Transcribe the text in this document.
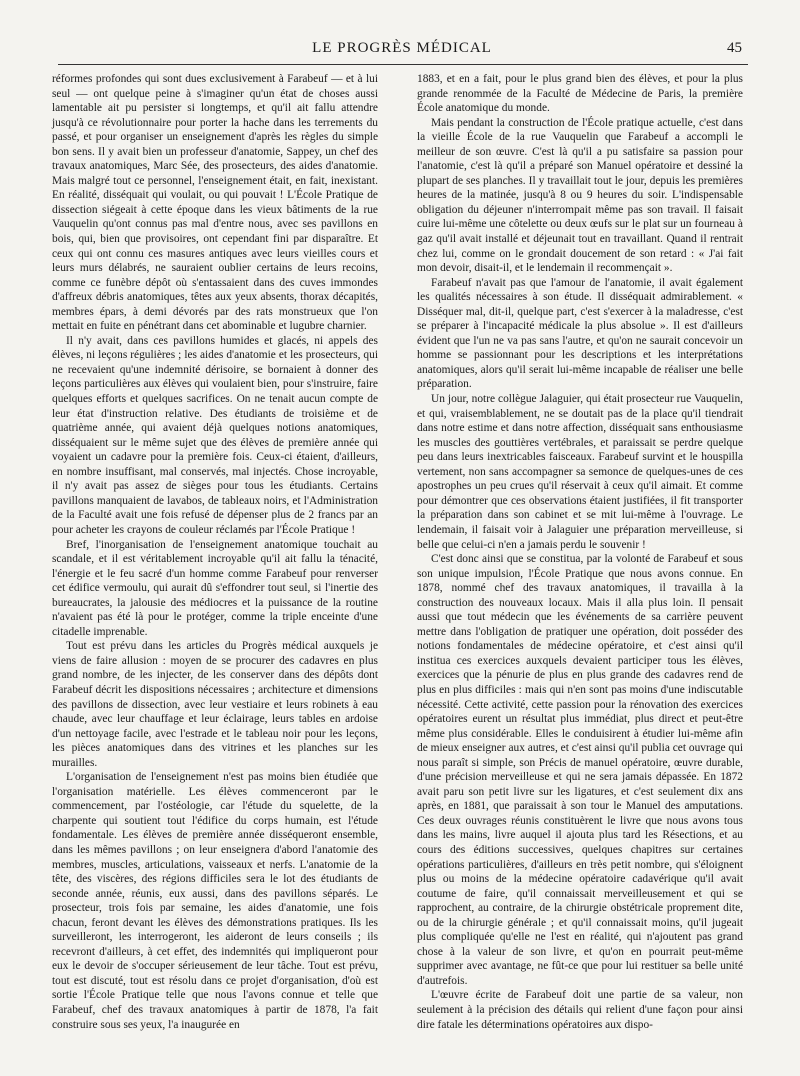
LE PROGRÈS MÉDICAL	45

réformes profondes qui sont dues exclusivement à Farabeuf — et à lui seul — ont quelque peine à s'imaginer qu'un état de choses aussi lamentable ait pu persister si longtemps, et qu'il ait fallu attendre jusqu'à ce révolutionnaire pour porter la hache dans les terrements du passé, et pour organiser un enseignement d'après les règles du simple bon sens. Il y avait bien un professeur d'anatomie, Sappey, un chef des travaux anatomiques, Marc Sée, des prosecteurs, des aides d'anatomie. Mais malgré tout ce personnel, l'enseignement était, en fait, inexistant. En réalité, disséquait qui voulait, ou qui pouvait ! L'École Pratique de dissection siégeait à cette époque dans les vieux bâtiments de la rue Vauquelin qu'ont connus pas mal d'entre nous, avec ses pavillons en bois, qui, bien que provisoires, ont cependant fini par disparaître. Et ceux qui ont connu ces masures antiques avec leurs vieilles cours et leurs murs délabrés, ne sauraient oublier certains de leurs recoins, comme ce funèbre dépôt où s'entassaient dans des cuves immondes d'affreux débris anatomiques, têtes aux yeux absents, thorax décapités, membres épars, à demi dévorés par des rats monstrueux que l'on mettait en fuite en pénétrant dans cet abominable et lugubre charnier.

Il n'y avait, dans ces pavillons humides et glacés, ni appels des élèves, ni leçons régulières ; les aides d'anatomie et les prosecteurs, qui ne recevaient qu'une indemnité dérisoire, se bornaient à donner des leçons particulières aux élèves qui voulaient bien, pour s'instruire, faire quelques efforts et quelques sacrifices. On ne tenait aucun compte de leur état d'instruction relative. Des étudiants de troisième et de quatrième année, qui avaient déjà quelques notions anatomiques, disséquaient sur le même sujet que des élèves de première année qui voyaient un cadavre pour la première fois. Ceux-ci étaient, d'ailleurs, en nombre insuffisant, mal conservés, mal injectés. Chose incroyable, il n'y avait pas assez de sièges pour tous les étudiants. Certains pavillons manquaient de lavabos, de tableaux noirs, et l'Administration de la Faculté avait une fois refusé de dépenser plus de 2 francs par an pour acheter les crayons de couleur réclamés par l'École Pratique !

Bref, l'inorganisation de l'enseignement anatomique touchait au scandale, et il est véritablement incroyable qu'il ait fallu la ténacité, l'énergie et le feu sacré d'un homme comme Farabeuf pour renverser cet édifice vermoulu, qui aurait dû s'effondrer tout seul, si l'inertie des bureaucrates, la jalousie des médiocres et la puissance de la routine n'avaient pas été là pour le protéger, comme la triple enceinte d'une citadelle imprenable.

Tout est prévu dans les articles du Progrès médical auxquels je viens de faire allusion : moyen de se procurer des cadavres en plus grand nombre, de les injecter, de les conserver dans des dépôts dont Farabeuf décrit les dispositions nécessaires ; architecture et dimensions des pavillons de dissection, avec leur vestiaire et leurs robinets à eau chaude, avec leur chauffage et leur éclairage, leurs tables en ardoise d'un nettoyage facile, avec l'estrade et le tableau noir pour les leçons, les pièces anatomiques dans des vitrines et les planches sur les murailles.

L'organisation de l'enseignement n'est pas moins bien étudiée que l'organisation matérielle. Les élèves commenceront par le commencement, par l'ostéologie, car l'étude du squelette, de la charpente qui soutient tout l'édifice du corps humain, est l'étude fondamentale. Les élèves de première année disséqueront ensemble, dans les mêmes pavillons ; on leur enseignera d'abord l'anatomie des membres, muscles, articulations, vaisseaux et nerfs. L'anatomie de la tête, des viscères, des régions difficiles sera le lot des étudiants de seconde année, réunis, eux aussi, dans des pavillons séparés. Le prosecteur, trois fois par semaine, les aides d'anatomie, une fois chacun, feront devant les élèves des démonstrations pratiques. Ils les surveilleront, les interrogeront, les aideront de leurs conseils ; ils recevront d'ailleurs, à cet effet, des indemnités qui impliqueront pour eux le devoir de s'occuper sérieusement de leur tâche. Tout est prévu, tout est discuté, tout est résolu dans ce projet d'organisation, d'où est sortie l'École Pratique telle que nous l'avons connue et telle que Farabeuf, chef des travaux anatomiques à partir de 1878, l'a fait construire sous ses yeux, l'a inaugurée en

1883, et en a fait, pour le plus grand bien des élèves, et pour la plus grande renommée de la Faculté de Médecine de Paris, la première École anatomique du monde.

Mais pendant la construction de l'École pratique actuelle, c'est dans la vieille École de la rue Vauquelin que Farabeuf a accompli le meilleur de son œuvre. C'est là qu'il a pu satisfaire sa passion pour l'anatomie, c'est là qu'il a préparé son Manuel opératoire et dessiné la plupart de ses planches. Il y travaillait tout le jour, depuis les premières heures de la matinée, jusqu'à 8 ou 9 heures du soir. L'indispensable obligation du déjeuner n'interrompait même pas son travail. Il faisait cuire lui-même une côtelette ou deux œufs sur le plat sur un fourneau à gaz qu'il avait installé et déjeunait tout en travaillant. Quand il rentrait chez lui, comme on le grondait doucement de son retard : « J'ai fait mon devoir, disait-il, et le lendemain il recommençait ».

Farabeuf n'avait pas que l'amour de l'anatomie, il avait également les qualités nécessaires à son étude. Il disséquait admirablement. « Disséquer mal, dit-il, quelque part, c'est s'exercer à la maladresse, c'est se préparer à l'incapacité médicale la plus absolue ». Il est d'ailleurs évident que l'un ne va pas sans l'autre, et qu'on ne saurait concevoir un homme se passionnant pour les descriptions et les interprétations anatomiques, alors qu'il serait lui-même incapable de réaliser une belle préparation.

Un jour, notre collègue Jalaguier, qui était prosecteur rue Vauquelin, et qui, vraisemblablement, ne se doutait pas de la place qu'il tiendrait dans notre estime et dans notre affection, disséquait sans enthousiasme les muscles des gouttières vertébrales, et paraissait se perdre quelque peu dans leurs inextricables faisceaux. Farabeuf survint et le houspilla vertement, non sans accompagner sa semonce de quelques-unes de ces apostrophes un peu crues qu'il réservait à ceux qu'il aimait. Et comme pour démontrer que ces observations étaient justifiées, il fit transporter la préparation dans son cabinet et se mit lui-même à l'ouvrage. Le lendemain, il faisait voir à Jalaguier une préparation merveilleuse, si belle que celui-ci n'en a jamais perdu le souvenir !

C'est donc ainsi que se constitua, par la volonté de Farabeuf et sous son unique impulsion, l'École Pratique que nous avons connue. En 1878, nommé chef des travaux anatomiques, il travailla à la construction des nouveaux locaux. Mais il alla plus loin. Il pensait aussi que tout médecin que les événements de sa carrière peuvent mettre dans l'obligation de pratiquer une opération, doit posséder des notions fondamentales de médecine opératoire, et c'est ainsi qu'il institua ces exercices auxquels devaient participer tous les élèves, exercices que la pénurie de plus en plus grande des cadavres rend de plus en plus difficiles : mais qui n'en sont pas moins d'une indiscutable nécessité. Cette activité, cette passion pour la rénovation des exercices opératoires eurent un résultat plus immédiat, plus direct et peut-être même plus considérable. Elles le conduisirent à étudier lui-même afin de mieux enseigner aux autres, et c'est ainsi qu'il publia cet ouvrage qui nous paraît si simple, son Précis de manuel opératoire, œuvre durable, d'une précision merveilleuse et qui ne sera jamais dépassée. En 1872 avait paru son petit livre sur les ligatures, et c'est seulement dix ans après, en 1881, que paraissait à son tour le Manuel des amputations. Ces deux ouvrages réunis constituèrent le livre que nous avons tous dans les mains, livre auquel il ajouta plus tard les Résections, et au cours des éditions successives, quelques chapitres sur certaines opérations particulières, d'ailleurs en très petit nombre, qui s'éloignent plus ou moins de la médecine opératoire cadavérique qu'il avait coutume de faire, qu'il connaissait merveilleusement et qui se rapprochent, au contraire, de la chirurgie obstétricale proprement dite, ou de la chirurgie générale ; et qu'il connaissait moins, qu'il jugeait plus compliquée qu'elle ne l'est en réalité, qui n'ajoutent pas grand chose à la valeur de son livre, et qu'on en pourrait peut-même supprimer avec avantage, ne fût-ce que pour lui restituer sa belle unité d'autrefois.

L'œuvre écrite de Farabeuf doit une partie de sa valeur, non seulement à la précision des détails qui relient d'une façon pour ainsi dire fatale les déterminations opératoires aux dispo-
